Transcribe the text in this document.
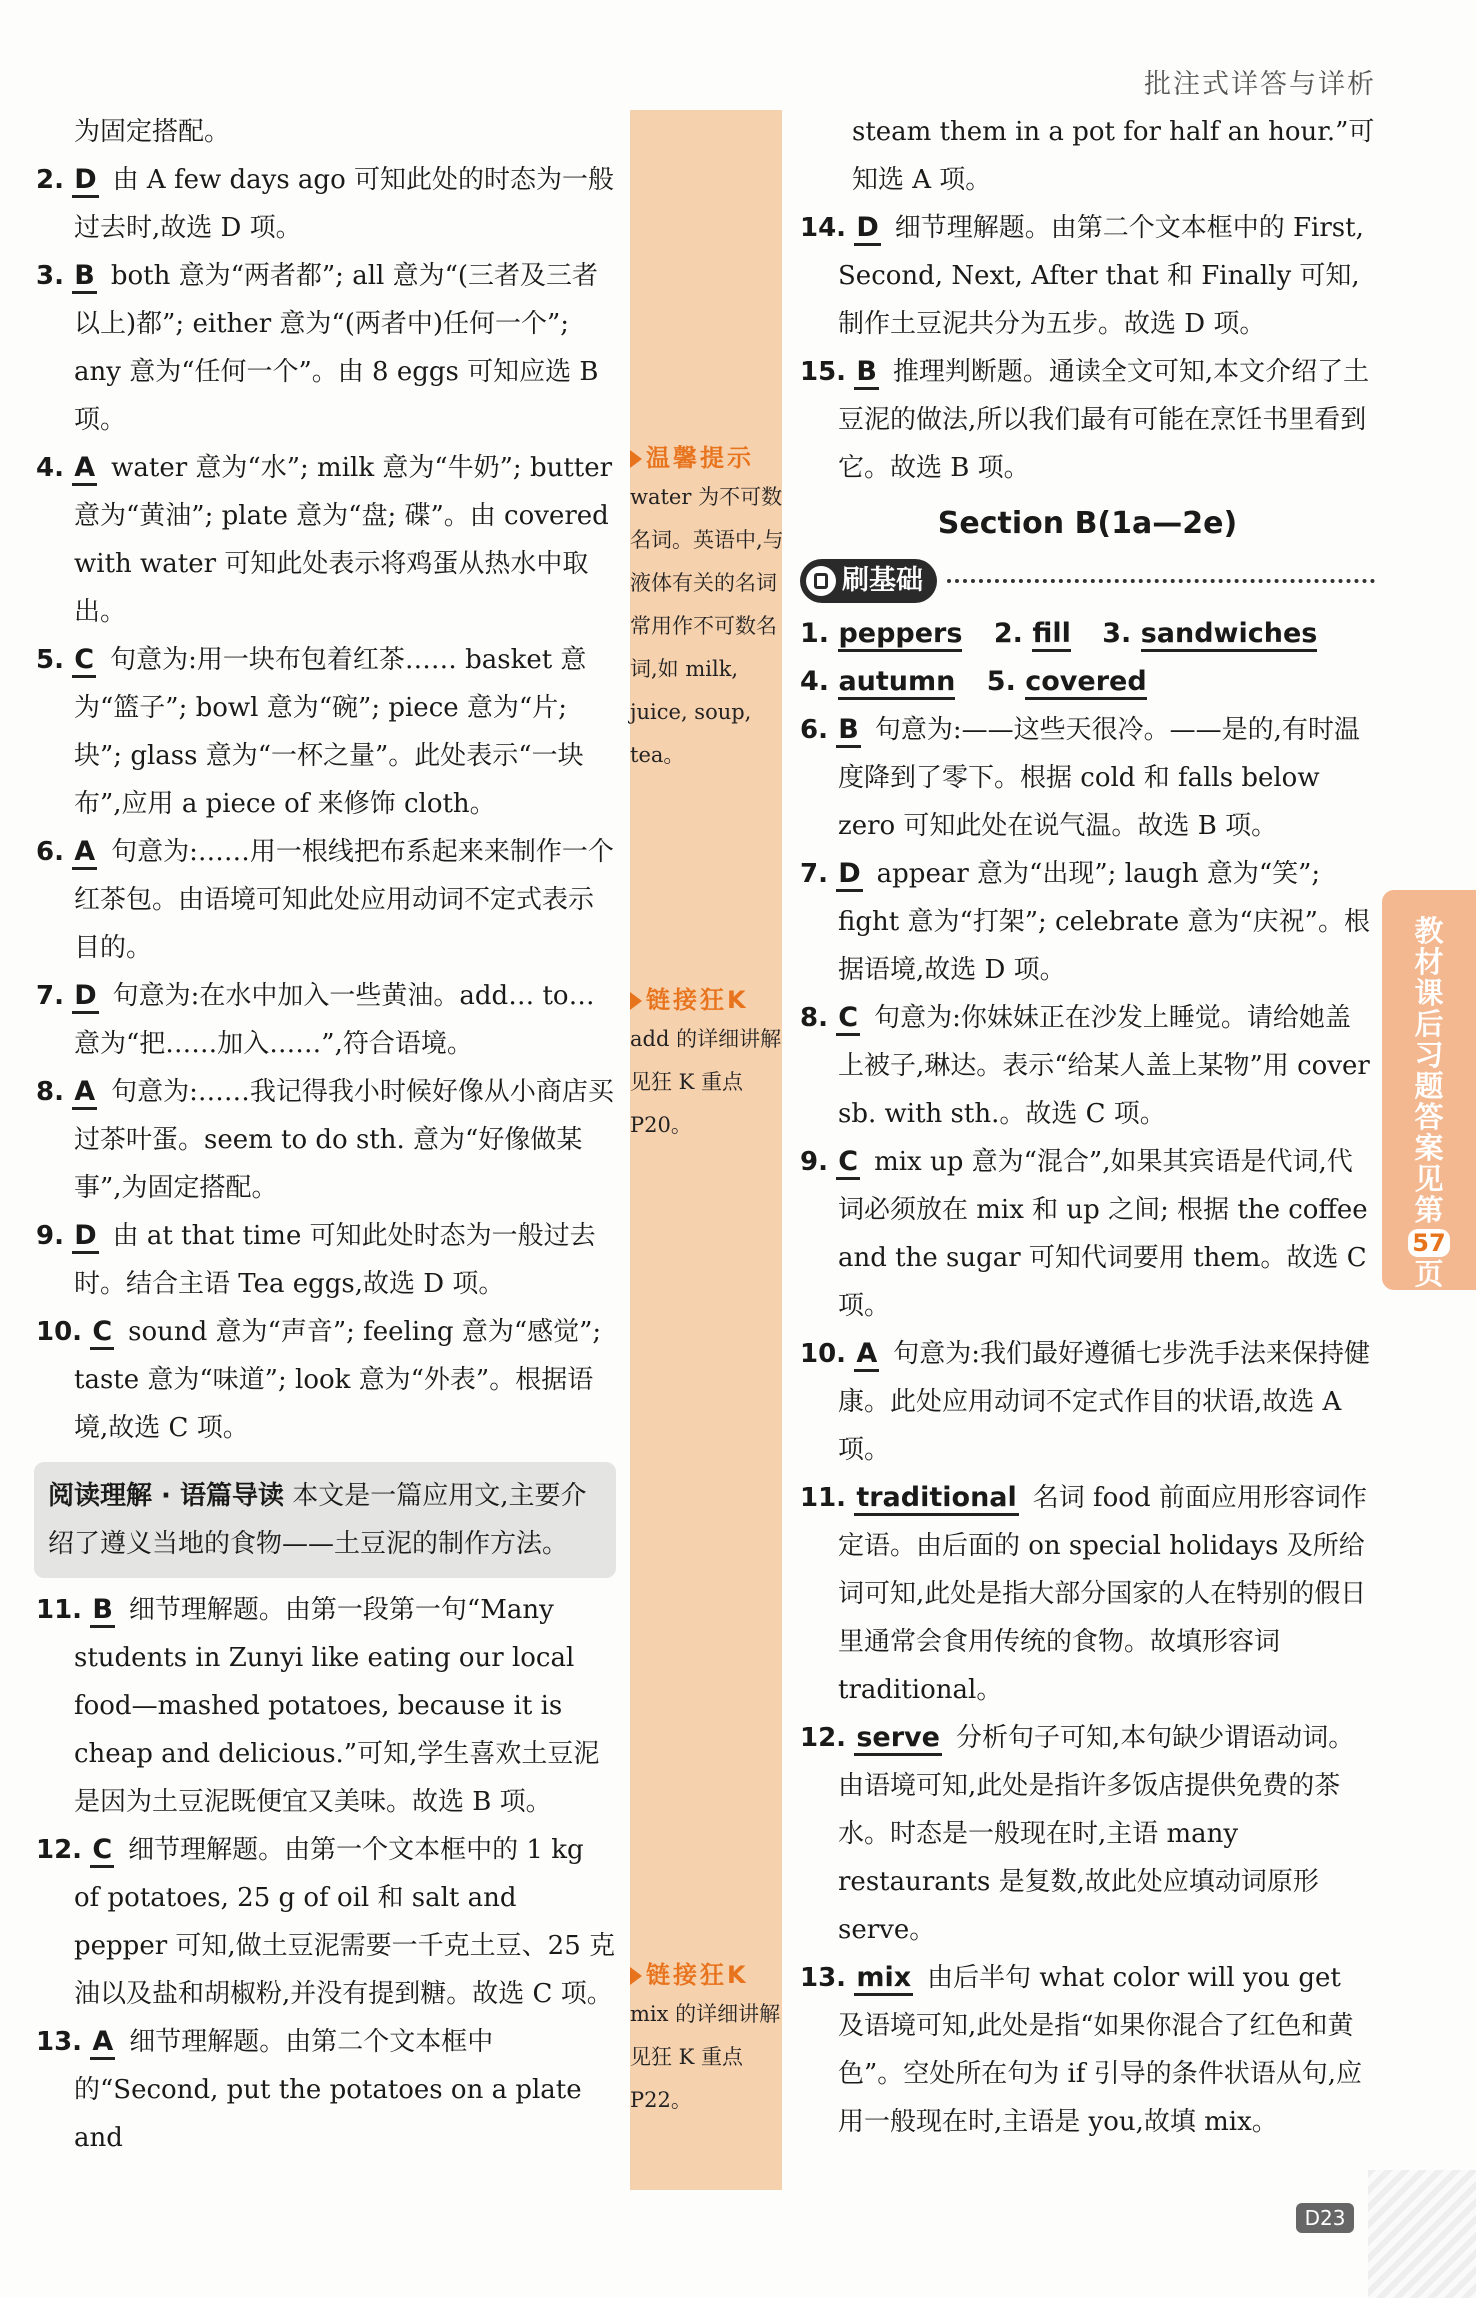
批注式详答与详析
温馨提示
water 为不可数名词。英语中,与液体有关的名词常用作不可数名词,如 milk, juice, soup, tea。
链接狂K
add 的详细讲解见狂 K 重点 P20。
链接狂K
mix 的详细讲解见狂 K 重点 P22。
为固定搭配。
2. D 由 A few days ago 可知此处的时态为一般过去时,故选 D 项。
3. B both 意为“两者都”; all 意为“(三者及三者以上)都”; either 意为“(两者中)任何一个”; any 意为“任何一个”。由 8 eggs 可知应选 B 项。
4. A water 意为“水”; milk 意为“牛奶”; butter 意为“黄油”; plate 意为“盘; 碟”。由 covered with water 可知此处表示将鸡蛋从热水中取出。
5. C 句意为:用一块布包着红茶…… basket 意为“篮子”; bowl 意为“碗”; piece 意为“片; 块”; glass 意为“一杯之量”。此处表示“一块布”,应用 a piece of 来修饰 cloth。
6. A 句意为:……用一根线把布系起来来制作一个红茶包。由语境可知此处应用动词不定式表示目的。
7. D 句意为:在水中加入一些黄油。add… to… 意为“把……加入……”,符合语境。
8. A 句意为:……我记得我小时候好像从小商店买过茶叶蛋。seem to do sth. 意为“好像做某事”,为固定搭配。
9. D 由 at that time 可知此处时态为一般过去时。结合主语 Tea eggs,故选 D 项。
10. C sound 意为“声音”; feeling 意为“感觉”; taste 意为“味道”; look 意为“外表”。根据语境,故选 C 项。
阅读理解 · 语篇导读 本文是一篇应用文,主要介绍了遵义当地的食物——土豆泥的制作方法。
11. B 细节理解题。由第一段第一句“Many students in Zunyi like eating our local food—mashed potatoes, because it is cheap and delicious.”可知,学生喜欢土豆泥是因为土豆泥既便宜又美味。故选 B 项。
12. C 细节理解题。由第一个文本框中的 1 kg of potatoes, 25 g of oil 和 salt and pepper 可知,做土豆泥需要一千克土豆、25 克油以及盐和胡椒粉,并没有提到糖。故选 C 项。
13. A 细节理解题。由第二个文本框中的“Second, put the potatoes on a plate and
steam them in a pot for half an hour.”可知选 A 项。
14. D 细节理解题。由第二个文本框中的 First, Second, Next, After that 和 Finally 可知,制作土豆泥共分为五步。故选 D 项。
15. B 推理判断题。通读全文可知,本文介绍了土豆泥的做法,所以我们最有可能在烹饪书里看到它。故选 B 项。
Section B(1a—2e)
刷基础
1. peppers 2. fill 3. sandwiches
4. autumn 5. covered
6. B 句意为:——这些天很冷。——是的,有时温度降到了零下。根据 cold 和 falls below zero 可知此处在说气温。故选 B 项。
7. D appear 意为“出现”; laugh 意为“笑”; fight 意为“打架”; celebrate 意为“庆祝”。根据语境,故选 D 项。
8. C 句意为:你妹妹正在沙发上睡觉。请给她盖上被子,琳达。表示“给某人盖上某物”用 cover sb. with sth.。故选 C 项。
9. C mix up 意为“混合”,如果其宾语是代词,代词必须放在 mix 和 up 之间; 根据 the coffee and the sugar 可知代词要用 them。故选 C 项。
10. A 句意为:我们最好遵循七步洗手法来保持健康。此处应用动词不定式作目的状语,故选 A 项。
11. traditional 名词 food 前面应用形容词作定语。由后面的 on special holidays 及所给词可知,此处是指大部分国家的人在特别的假日里通常会食用传统的食物。故填形容词 traditional。
12. serve 分析句子可知,本句缺少谓语动词。由语境可知,此处是指许多饭店提供免费的茶水。时态是一般现在时,主语 many restaurants 是复数,故此处应填动词原形 serve。
13. mix 由后半句 what color will you get 及语境可知,此处是指“如果你混合了红色和黄色”。空处所在句为 if 引导的条件状语从句,应用一般现在时,主语是 you,故填 mix。
教材课后习题答案见第57页
D23
